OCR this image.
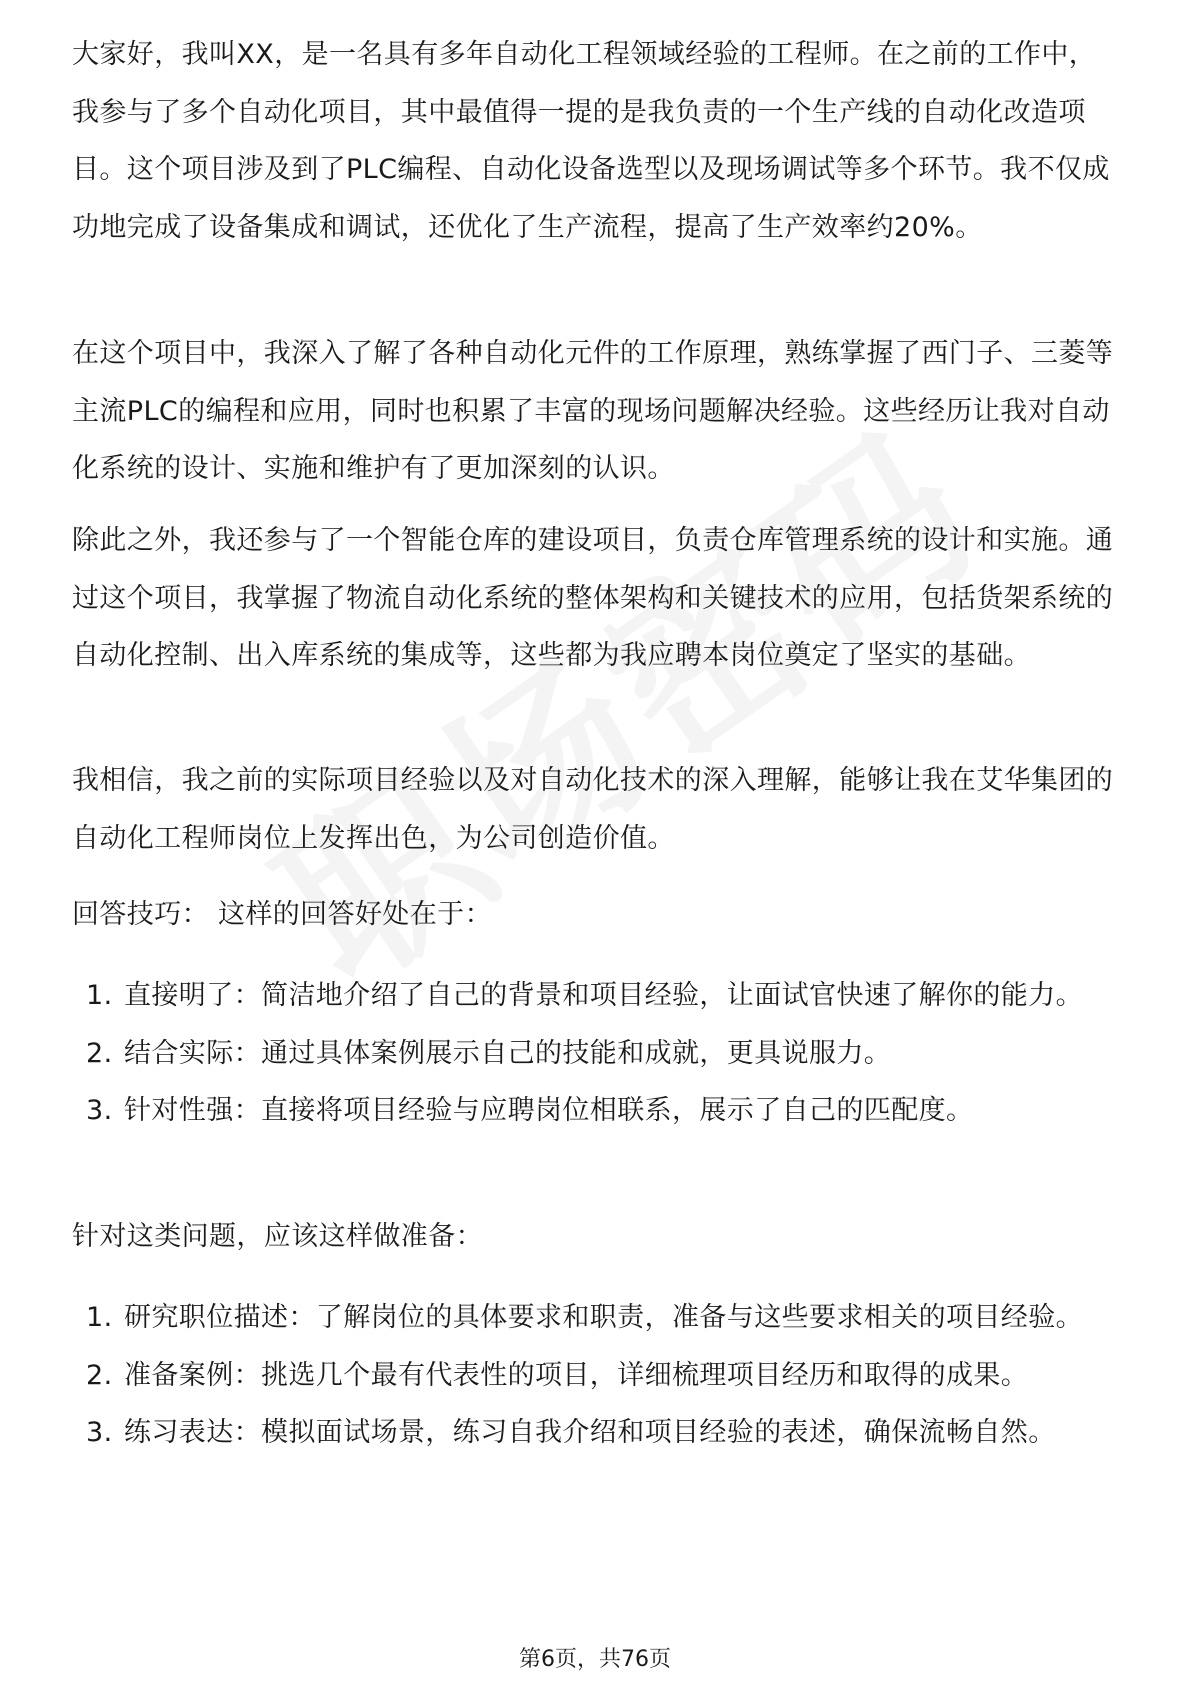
大家好，我叫XX，是一名具有多年自动化工程领域经验的工程师。在之前的工作中，我参与了多个自动化项目，其中最值得一提的是我负责的一个生产线的自动化改造项目。这个项目涉及到了PLC编程、自动化设备选型以及现场调试等多个环节。我不仅成功地完成了设备集成和调试，还优化了生产流程，提高了生产效率约20%。

在这个项目中，我深入了解了各种自动化元件的工作原理，熟练掌握了西门子、三菱等主流PLC的编程和应用，同时也积累了丰富的现场问题解决经验。这些经历让我对自动化系统的设计、实施和维护有了更加深刻的认识。

除此之外，我还参与了一个智能仓库的建设项目，负责仓库管理系统的设计和实施。通过这个项目，我掌握了物流自动化系统的整体架构和关键技术的应用，包括货架系统的自动化控制、出入库系统的集成等，这些都为我应聘本岗位奠定了坚实的基础。

我相信，我之前的实际项目经验以及对自动化技术的深入理解，能够让我在艾华集团的自动化工程师岗位上发挥出色，为公司创造价值。

回答技巧： 这样的回答好处在于：

1. 直接明了：简洁地介绍了自己的背景和项目经验，让面试官快速了解你的能力。
2. 结合实际：通过具体案例展示自己的技能和成就，更具说服力。
3. 针对性强：直接将项目经验与应聘岗位相联系，展示了自己的匹配度。

针对这类问题，应该这样做准备：

1. 研究职位描述：了解岗位的具体要求和职责，准备与这些要求相关的项目经验。
2. 准备案例：挑选几个最有代表性的项目，详细梳理项目经历和取得的成果。
3. 练习表达：模拟面试场景，练习自我介绍和项目经验的表述，确保流畅自然。
第6页，共76页
